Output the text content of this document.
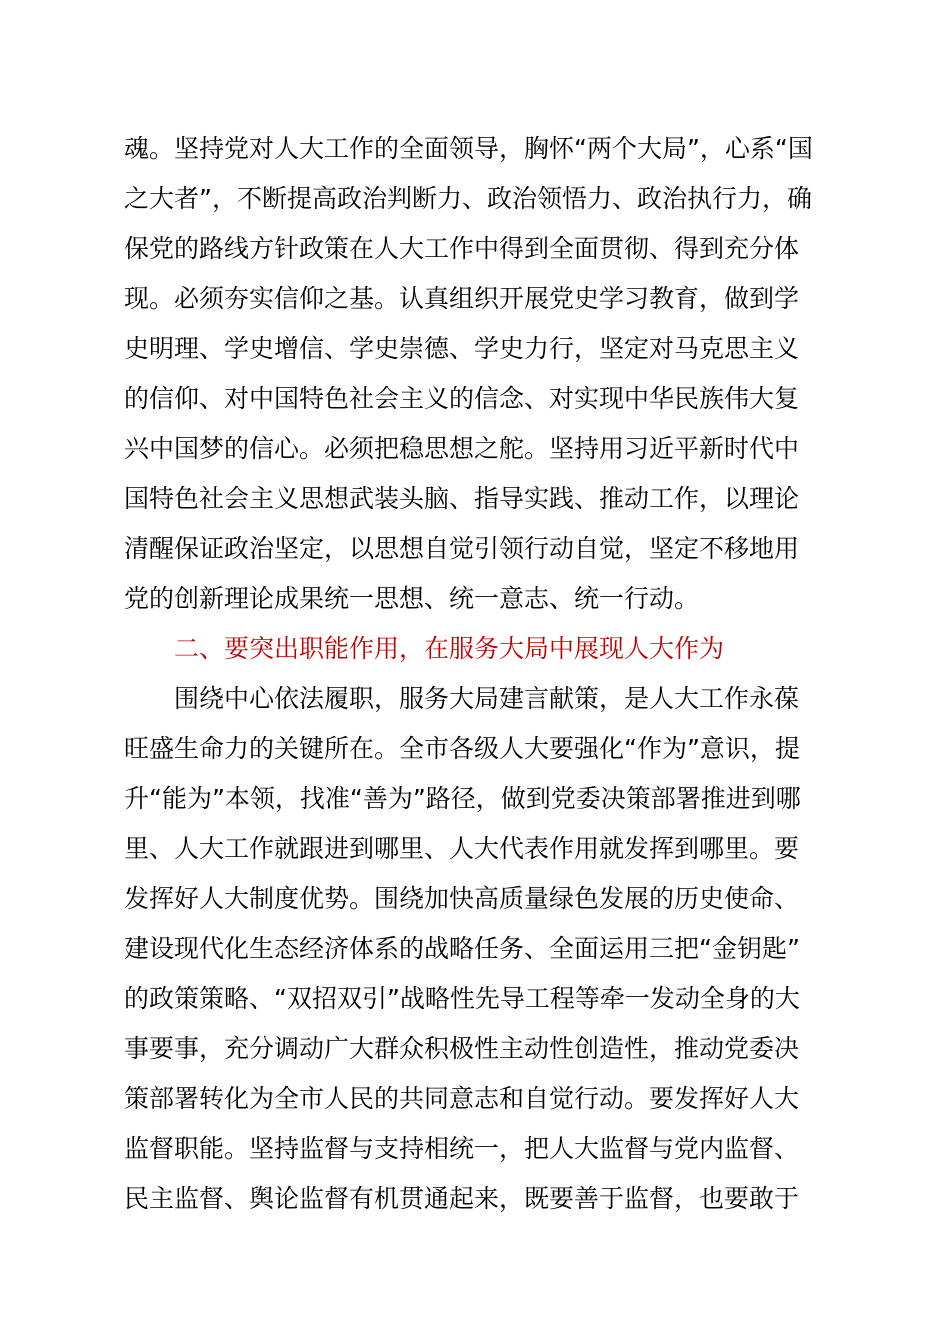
魂。坚持党对人大工作的全面领导，胸怀“两个大局”，心系“国
之大者”，不断提高政治判断力、政治领悟力、政治执行力，确
保党的路线方针政策在人大工作中得到全面贯彻、得到充分体
现。必须夯实信仰之基。认真组织开展党史学习教育，做到学
史明理、学史增信、学史崇德、学史力行，坚定对马克思主义
的信仰、对中国特色社会主义的信念、对实现中华民族伟大复
兴中国梦的信心。必须把稳思想之舵。坚持用习近平新时代中
国特色社会主义思想武装头脑、指导实践、推动工作，以理论
清醒保证政治坚定，以思想自觉引领行动自觉，坚定不移地用
党的创新理论成果统一思想、统一意志、统一行动。
二、要突出职能作用，在服务大局中展现人大作为
围绕中心依法履职，服务大局建言献策，是人大工作永葆
旺盛生命力的关键所在。全市各级人大要强化“作为”意识，提
升“能为”本领，找准“善为”路径，做到党委决策部署推进到哪
里、人大工作就跟进到哪里、人大代表作用就发挥到哪里。要
发挥好人大制度优势。围绕加快高质量绿色发展的历史使命、
建设现代化生态经济体系的战略任务、全面运用三把“金钥匙”
的政策策略、“双招双引”战略性先导工程等牵一发动全身的大
事要事，充分调动广大群众积极性主动性创造性，推动党委决
策部署转化为全市人民的共同意志和自觉行动。要发挥好人大
监督职能。坚持监督与支持相统一，把人大监督与党内监督、
民主监督、舆论监督有机贯通起来，既要善于监督，也要敢于
